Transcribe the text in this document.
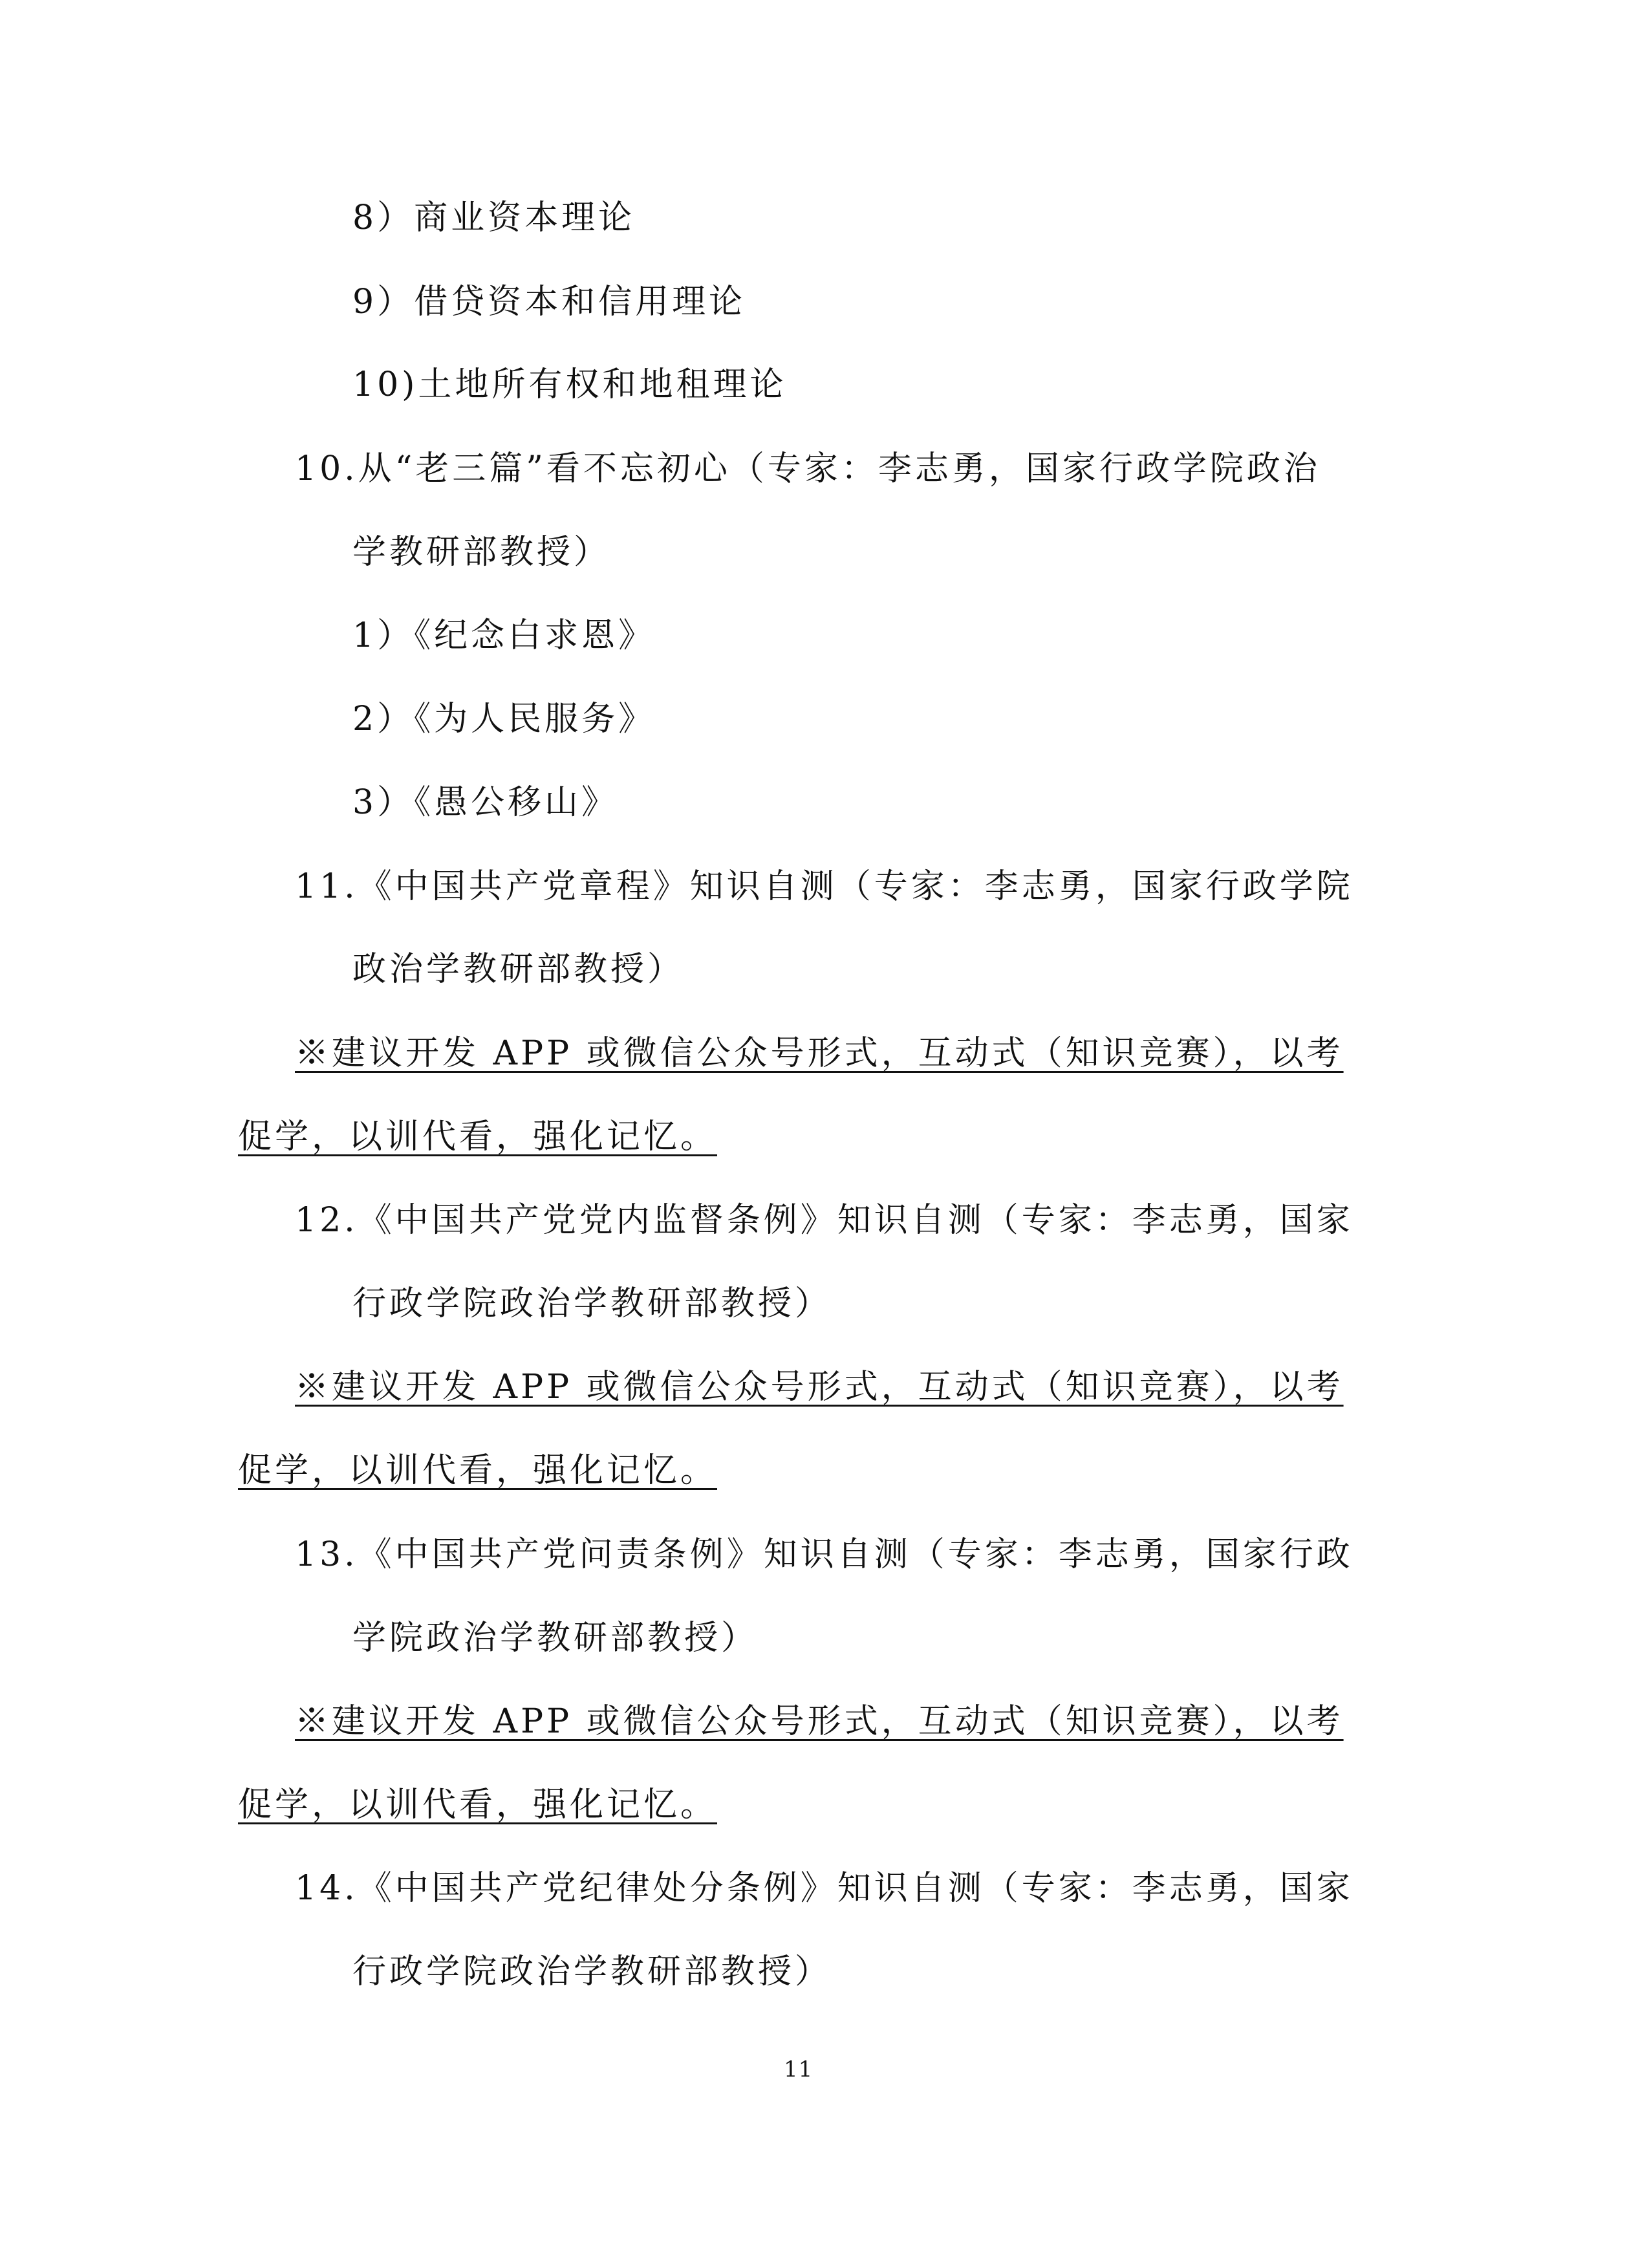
8）商业资本理论
9）借贷资本和信用理论
10)土地所有权和地租理论
10.从“老三篇”看不忘初心（专家：李志勇，国家行政学院政治
学教研部教授）
1）《纪念白求恩》
2）《为人民服务》
3）《愚公移山》
11.《中国共产党章程》知识自测（专家：李志勇，国家行政学院
政治学教研部教授）
※建议开发 APP 或微信公众号形式，互动式（知识竞赛），以考
促学，以训代看，强化记忆。
12.《中国共产党党内监督条例》知识自测（专家：李志勇，国家
行政学院政治学教研部教授）
※建议开发 APP 或微信公众号形式，互动式（知识竞赛），以考
促学，以训代看，强化记忆。
13.《中国共产党问责条例》知识自测（专家：李志勇，国家行政
学院政治学教研部教授）
※建议开发 APP 或微信公众号形式，互动式（知识竞赛），以考
促学，以训代看，强化记忆。
14.《中国共产党纪律处分条例》知识自测（专家：李志勇，国家
行政学院政治学教研部教授）
11
